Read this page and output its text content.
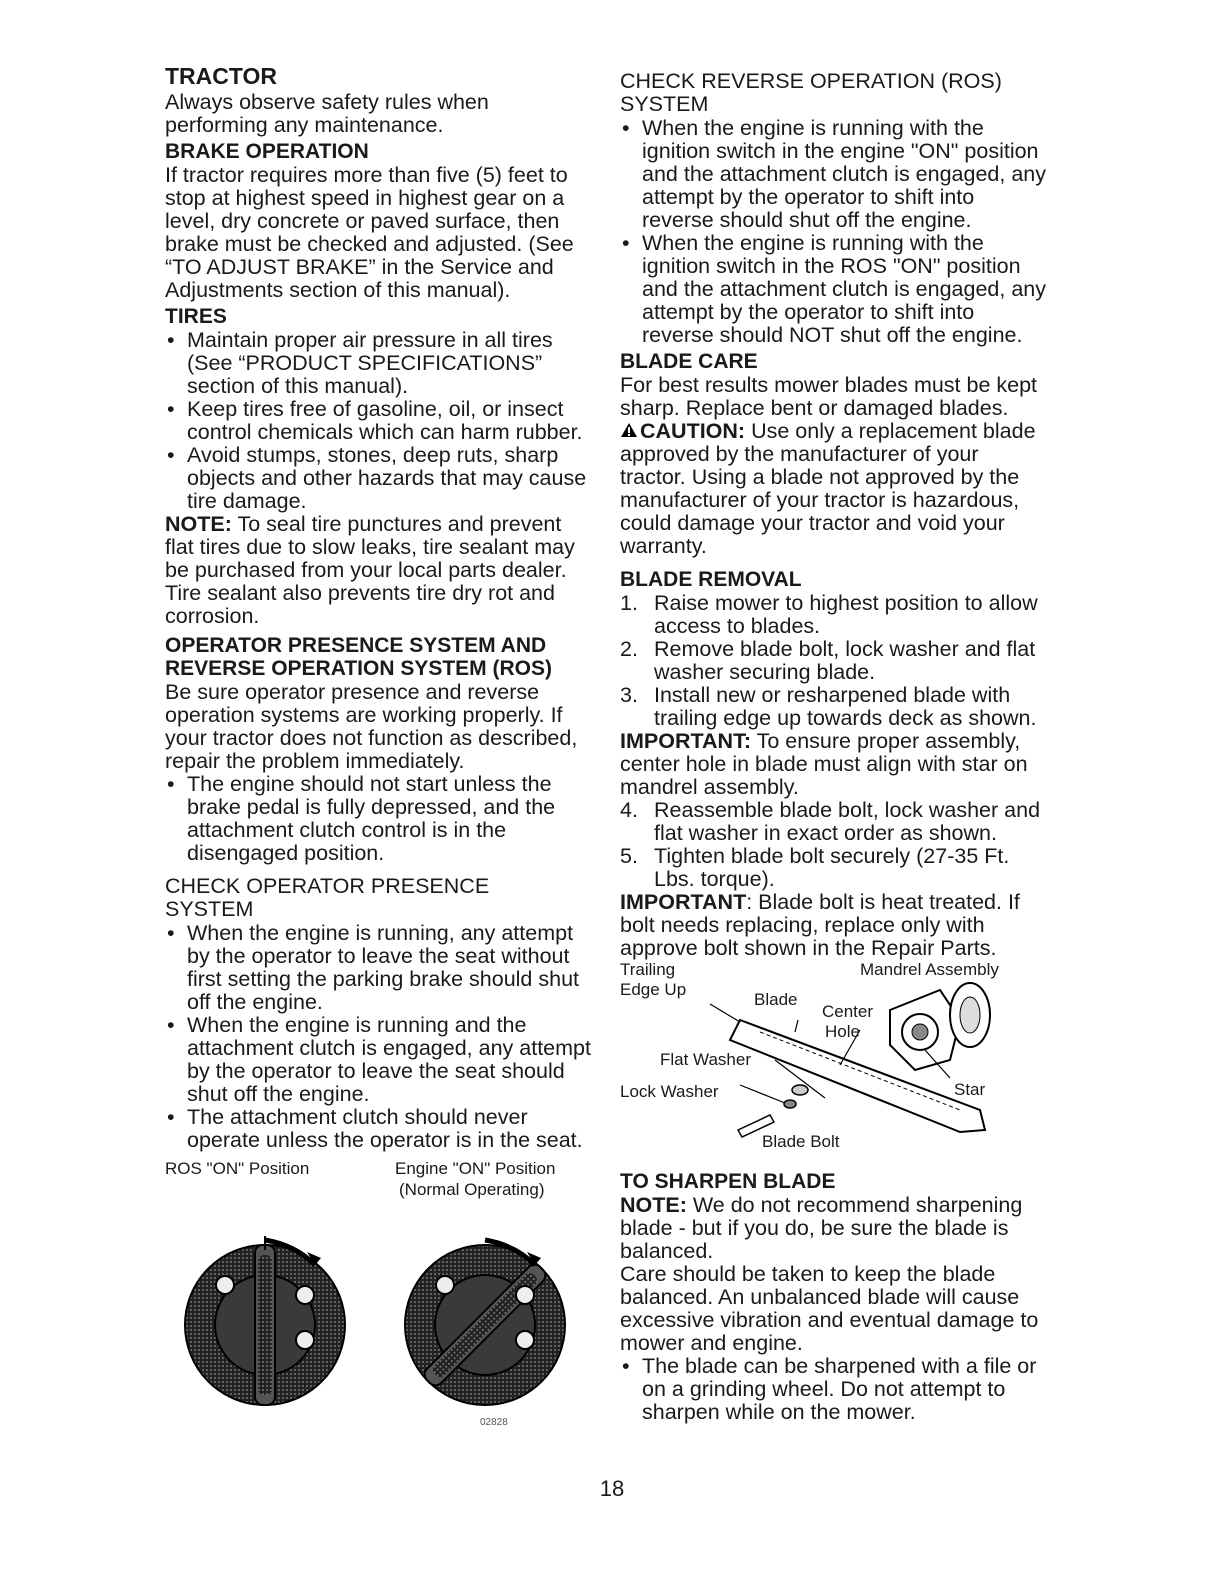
TRACTOR

Always observe safety rules when performing any maintenance.

BRAKE OPERATION

If tractor requires more than five (5) feet to stop at highest speed in highest gear on a level, dry concrete or paved surface, then brake must be checked and adjusted. (See “TO ADJUST BRAKE” in the Service and Adjustments section of this manual).

TIRES
• Maintain proper air pressure in all tires (See “PRODUCT SPECIFICATIONS” section of this manual).
• Keep tires free of gasoline, oil, or insect control chemicals which can harm rubber.
• Avoid stumps, stones, deep ruts, sharp objects and other hazards that may cause tire damage.

NOTE: To seal tire punctures and prevent flat tires due to slow leaks, tire sealant may be purchased from your local parts dealer. Tire sealant also prevents tire dry rot and corrosion.

OPERATOR PRESENCE SYSTEM AND
REVERSE OPERATION SYSTEM (ROS)

Be sure operator presence and reverse operation systems are working properly. If your tractor does not function as described, repair the problem immediately.

• The engine should not start unless the brake pedal is fully depressed, and the attachment clutch control is in the disengaged position.
CHECK OPERATOR PRESENCE
SYSTEM
• When the engine is running, any attempt by the operator to leave the seat without first setting the parking brake should shut off the engine.
• When the engine is running and the attachment clutch is engaged, any attempt by the operator to leave the seat should shut off the engine.
• The attachment clutch should never operate unless the operator is in the seat.
ROS "ON" Position	Engine "ON" Position
(Normal Operating)
02828
CHECK REVERSE OPERATION (ROS)
SYSTEM
• When the engine is running with the ignition switch in the engine "ON" position and the attachment clutch is engaged, any attempt by the operator to shift into reverse should shut off the engine.
• When the engine is running with the ignition switch in the ROS "ON" position and the attachment clutch is engaged, any attempt by the operator to shift into reverse should NOT shut off the engine.
BLADE CARE

For best results mower blades must be kept sharp. Replace bent or damaged blades.

CAUTION: Use only a replacement blade approved by the manufacturer of your tractor. Using a blade not approved by the manufacturer of your tractor is hazardous, could damage your tractor and void your warranty.

BLADE REMOVAL
1. Raise mower to highest position to allow access to blades.
2. Remove blade bolt, lock washer and flat washer securing blade.
3. Install new or resharpened blade with trailing edge up towards deck as shown.

IMPORTANT: To ensure proper assembly, center hole in blade must align with star on mandrel assembly.

4. Reassemble blade bolt, lock washer and flat washer in exact order as shown.
5. Tighten blade bolt securely (27-35 Ft. Lbs. torque).

IMPORTANT: Blade bolt is heat treated. If bolt needs replacing, replace only with approve bolt shown in the Repair Parts.

Trailing
Edge Up
Mandrel Assembly
Blade
Center
Hole
Flat Washer
Lock Washer	Star
Blade Bolt
TO SHARPEN BLADE

NOTE: We do not recommend sharpening blade - but if you do, be sure the blade is balanced.

Care should be taken to keep the blade balanced. An unbalanced blade will cause excessive vibration and eventual damage to mower and engine.

• The blade can be sharpened with a file or on a grinding wheel. Do not attempt to sharpen while on the mower.
18
